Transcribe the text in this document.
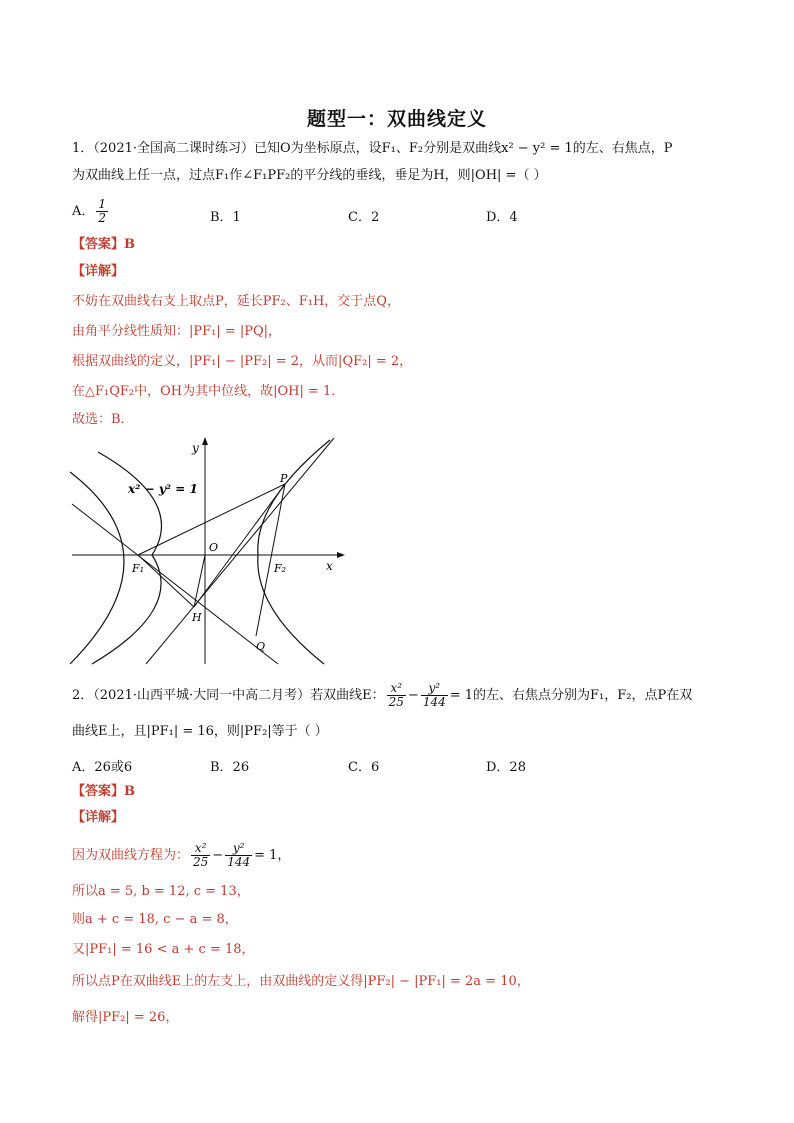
题型一：双曲线定义
1．（2021·全国高二课时练习）已知O为坐标原点，设F₁、F₂分别是双曲线x² − y² = 1的左、右焦点，P
为双曲线上任一点，过点F₁作∠F₁PF₂的平分线的垂线，垂足为H，则|OH| =（ ）
A． $\frac{1}{2}$	B．1	C．2	D．4
【答案】B
【详解】
不妨在双曲线右支上取点P，延长PF₂、F₁H，交于点Q，
由角平分线性质知：|PF₁| = |PQ|，
根据双曲线的定义，|PF₁| − |PF₂| = 2，从而|QF₂| = 2，
在△F₁QF₂中，OH为其中位线，故|OH| = 1．
故选：B．
x² − y² = 1
y
x
O
P
F₁	F₂
H
Q
2．（2021·山西平城·大同一中高二月考）若双曲线E： $\frac{\text{x²}}{25} - \frac{\text{y²}}{144} = 1$的左、右焦点分别为F₁，F₂，点P在双
曲线E上，且|PF₁| = 16，则|PF₂|等于（ ）
A．26或6	B．26	C．6	D．28
【答案】B
【详解】
因为双曲线方程为： $\frac{\text{x²}}{25} - \frac{\text{y²}}{144} = 1$，
所以a = 5, b = 12, c = 13，
则a + c = 18, c − a = 8，
又|PF₁| = 16 < a + c = 18，
所以点P在双曲线E上的左支上，由双曲线的定义得|PF₂| − |PF₁| = 2a = 10，
解得|PF₂| = 26，
